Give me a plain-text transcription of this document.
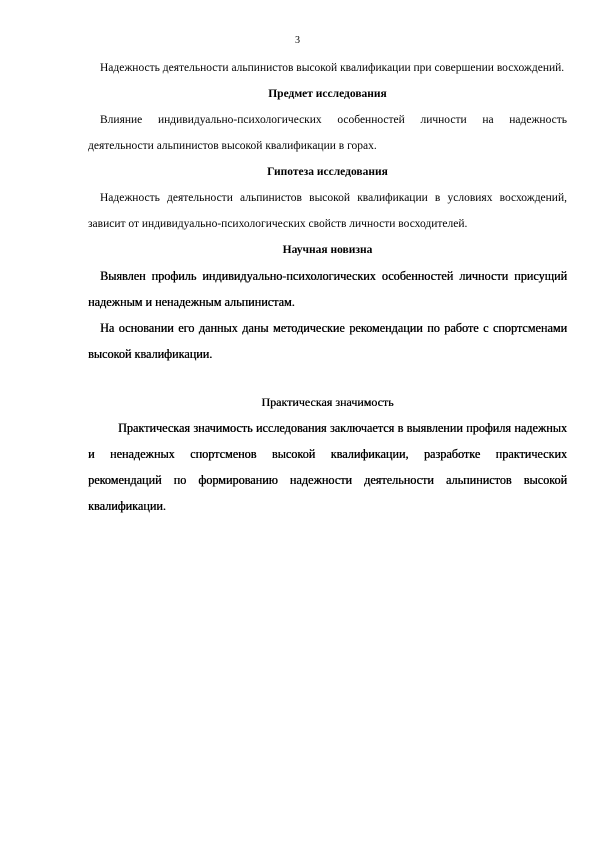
3

Надежность деятельности альпинистов высокой квалификации при совершении восхождений.

Предмет исследования

Влияние индивидуально-психологических особенностей личности на надежность деятельности альпинистов высокой квалификации в горах.

Гипотеза исследования

Надежность деятельности альпинистов высокой квалификации в условиях восхождений, зависит от индивидуально-психологических свойств личности восходителей.

Научная новизна

Выявлен профиль индивидуально-психологических особенностей личности присущий надежным и ненадежным альпинистам.

На основании его данных даны методические рекомендации по работе с спортсменами высокой квалификации.

Практическая значимость

Практическая значимость исследования заключается в выявлении профиля надежных и ненадежных спортсменов высокой квалификации, разработке практических рекомендаций по формированию надежности деятельности альпинистов высокой квалификации.
